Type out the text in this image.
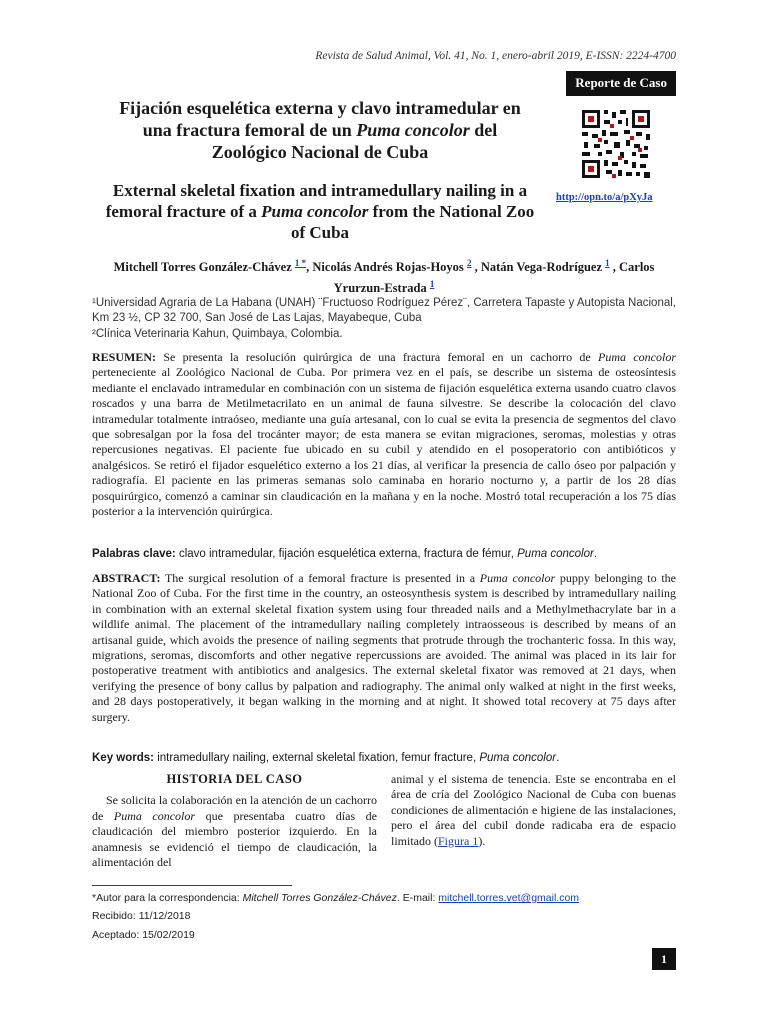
Revista de Salud Animal, Vol. 41, No. 1, enero-abril 2019, E-ISSN: 2224-4700
Reporte de Caso
Fijación esquelética externa y clavo intramedular en
una fractura femoral de un Puma concolor del
Zoológico Nacional de Cuba
External skeletal fixation and intramedullary nailing in a
femoral fracture of a Puma concolor from the National Zoo
of Cuba
http://opn.to/a/pXyJa
Mitchell Torres González-Chávez $^{1 *}$, Nicolás Andrés Rojas-Hoyos $^2$ , Natán Vega-Rodríguez $^1$ , Carlos Yrurzun-Estrada $^1$
¹Universidad Agraria de La Habana (UNAH) ¨Fructuoso Rodríguez Pérez¨, Carretera Tapaste y Autopista Nacional, Km 23 ½, CP 32 700, San José de Las Lajas, Mayabeque, Cuba
²Clínica Veterinaria Kahun, Quimbaya, Colombia.
RESUMEN: Se presenta la resolución quirúrgica de una fractura femoral en un cachorro de Puma concolor perteneciente al Zoológico Nacional de Cuba. Por primera vez en el país, se describe un sistema de osteosíntesis mediante el enclavado intramedular en combinación con un sistema de fijación esquelética externa usando cuatro clavos roscados y una barra de Metilmetacrilato en un animal de fauna silvestre. Se describe la colocación del clavo intramedular totalmente intraóseo, mediante una guía artesanal, con lo cual se evita la presencia de segmentos del clavo que sobresalgan por la fosa del trocánter mayor; de esta manera se evitan migraciones, seromas, molestias y otras repercusiones negativas. El paciente fue ubicado en su cubil y atendido en el posoperatorio con antibióticos y analgésicos. Se retiró el fijador esquelético externo a los 21 días, al verificar la presencia de callo óseo por palpación y radiografía. El paciente en las primeras semanas solo caminaba en horario nocturno y, a partir de los 28 días posquirúrgico, comenzó a caminar sin claudicación en la mañana y en la noche. Mostró total recuperación a los 75 días posterior a la intervención quirúrgica.
Palabras clave: clavo intramedular, fijación esquelética externa, fractura de fémur, Puma concolor.
ABSTRACT: The surgical resolution of a femoral fracture is presented in a Puma concolor puppy belonging to the National Zoo of Cuba. For the first time in the country, an osteosynthesis system is described by intramedullary nailing in combination with an external skeletal fixation system using four threaded nails and a Methylmethacrylate bar in a wildlife animal. The placement of the intramedullary nailing completely intraosseous is described by means of an artisanal guide, which avoids the presence of nailing segments that protrude through the trochanteric fossa. In this way, migrations, seromas, discomforts and other negative repercussions are avoided. The animal was placed in its lair for postoperative treatment with antibiotics and analgesics. The external skeletal fixator was removed at 21 days, when verifying the presence of bony callus by palpation and radiography. The animal only walked at night in the first weeks, and 28 days postoperatively, it began walking in the morning and at night. It showed total recovery at 75 days after surgery.
Key words: intramedullary nailing, external skeletal fixation, femur fracture, Puma concolor.
HISTORIA DEL CASO
Se solicita la colaboración en la atención de un cachorro de Puma concolor que presentaba cuatro días de claudicación del miembro posterior izquierdo. En la anamnesis se evidenció el tiempo de claudicación, la alimentación del
animal y el sistema de tenencia. Este se encontraba en el área de cría del Zoológico Nacional de Cuba con buenas condiciones de alimentación e higiene de las instalaciones, pero el área del cubil donde radicaba era de espacio limitado (Figura 1).
*Autor para la correspondencia: Mitchell Torres González-Chávez. E-mail: mitchell.torres.vet@gmail.com
Recibido: 11/12/2018
Aceptado: 15/02/2019
1
